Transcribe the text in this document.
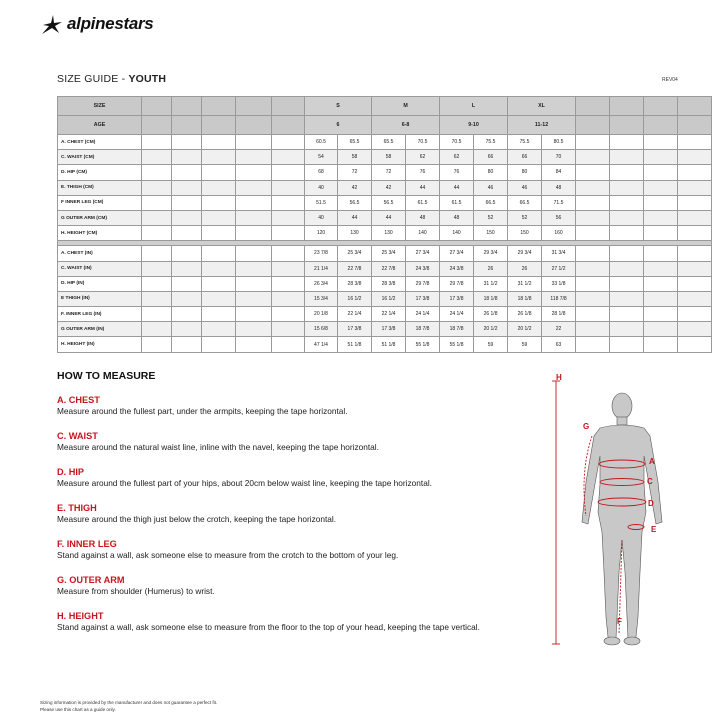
alpinestars
SIZE GUIDE - YOUTH	REV04
SIZE						S		M		L		XL					
AGE						6		6-8		9-10		11-12					
A. CHEST (CM)						60.5	65.5	65.5	70.5	70.5	75.5	75.5	80.5				
C. WAIST (CM)						54	58	58	62	62	66	66	70				
D. HIP (CM)						68	72	72	76	76	80	80	84				
E. THIGH (CM)						40	42	42	44	44	46	46	48				
F INNER LEG (CM)						51.5	56.5	56.5	61.5	61.5	66.5	66.5	71.5				
G OUTER ARM (CM)						40	44	44	48	48	52	52	56				
H. HEIGHT (CM)						120	130	130	140	140	150	150	160				

A. CHEST (IN)						23 7/8	25 3/4	25 3/4	27 3/4	27 3/4	29 3/4	29 3/4	31 3/4				
C. WAIST (IN)						21 1/4	22 7/8	22 7/8	24 3/8	24 3/8	26	26	27 1/2				
D. HIP (IN)						26 3/4	28 3/8	28 3/8	29 7/8	29 7/8	31 1/2	31 1/2	33 1/8				
E THIGH (IN)						15 3/4	16 1/2	16 1/2	17 3/8	17 3/8	18 1/8	18 1/8	118 7/8				
F. INNER LEG (IN)						20 1/8	22 1/4	22 1/4	24 1/4	24 1/4	26 1/8	26 1/8	28 1/8				
G OUTER ARM (IN)						15 6/8	17 3/8	17 3/8	18 7/8	18 7/8	20 1/2	20 1/2	22				
H. HEIGHT (IN)						47 1/4	51 1/8	51 1/8	55 1/8	55 1/8	59	59	63				
HOW TO MEASURE
A. CHEST
Measure around the fullest part, under the armpits, keeping the tape horizontal.
C. WAIST
Measure around the natural waist line, inline with the navel, keeping the tape horizontal.
D. HIP
Measure around the fullest part of your hips, about 20cm below waist line, keeping the tape horizontal.
E. THIGH
Measure around the thigh just below the crotch, keeping the tape horizontal.
F. INNER LEG
Stand against a wall, ask someone else to measure from the crotch to the bottom of your leg.
G. OUTER ARM
Measure from shoulder (Humerus) to wrist.
H. HEIGHT
Stand against a wall, ask someone else to measure from the floor to the top of your head, keeping the tape vertical.
H
G
A
C
D
E
F
Sizing information is provided by the manufacturer and does not guarantee a perfect fit.
Please use this chart as a guide only.
